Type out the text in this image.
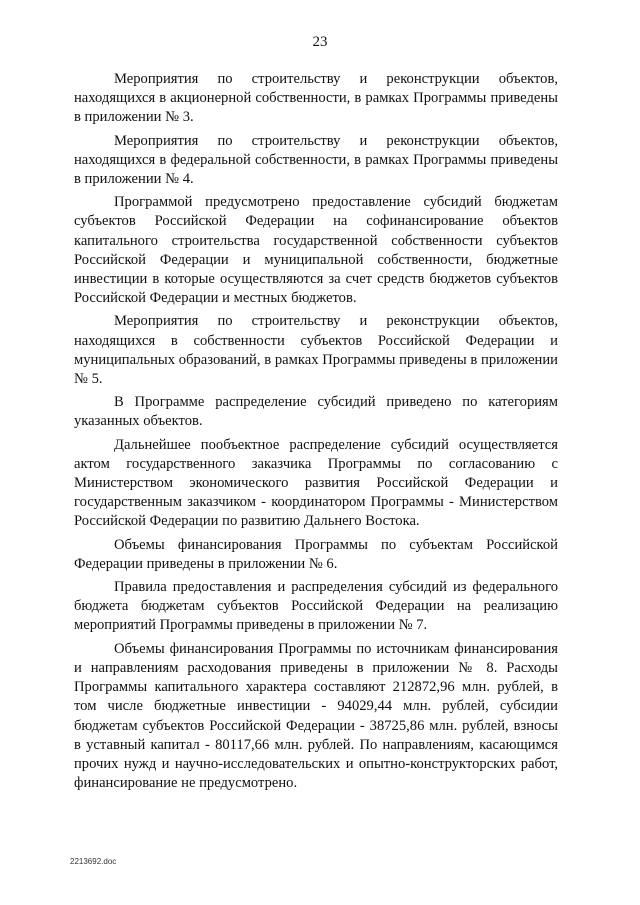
23

Мероприятия по строительству и реконструкции объектов, находящихся в акционерной собственности, в рамках Программы приведены в приложении № 3.

Мероприятия по строительству и реконструкции объектов, находящихся в федеральной собственности, в рамках Программы приведены в приложении № 4.

Программой предусмотрено предоставление субсидий бюджетам субъектов Российской Федерации на софинансирование объектов капитального строительства государственной собственности субъектов Российской Федерации и муниципальной собственности, бюджетные инвестиции в которые осуществляются за счет средств бюджетов субъектов Российской Федерации и местных бюджетов.

Мероприятия по строительству и реконструкции объектов, находящихся в собственности субъектов Российской Федерации и муниципальных образований, в рамках Программы приведены в приложении № 5.

В Программе распределение субсидий приведено по категориям указанных объектов.

Дальнейшее пообъектное распределение субсидий осуществляется актом государственного заказчика Программы по согласованию с Министерством экономического развития Российской Федерации и государственным заказчиком - координатором Программы - Министерством Российской Федерации по развитию Дальнего Востока.

Объемы финансирования Программы по субъектам Российской Федерации приведены в приложении № 6.

Правила предоставления и распределения субсидий из федерального бюджета бюджетам субъектов Российской Федерации на реализацию мероприятий Программы приведены в приложении № 7.

Объемы финансирования Программы по источникам финансирования и направлениям расходования приведены в приложении № 8. Расходы Программы капитального характера составляют 212872,96 млн. рублей, в том числе бюджетные инвестиции - 94029,44 млн. рублей, субсидии бюджетам субъектов Российской Федерации - 38725,86 млн. рублей, взносы в уставный капитал - 80117,66 млн. рублей. По направлениям, касающимся прочих нужд и научно-исследовательских и опытно-конструкторских работ, финансирование не предусмотрено.

2213692.doc
